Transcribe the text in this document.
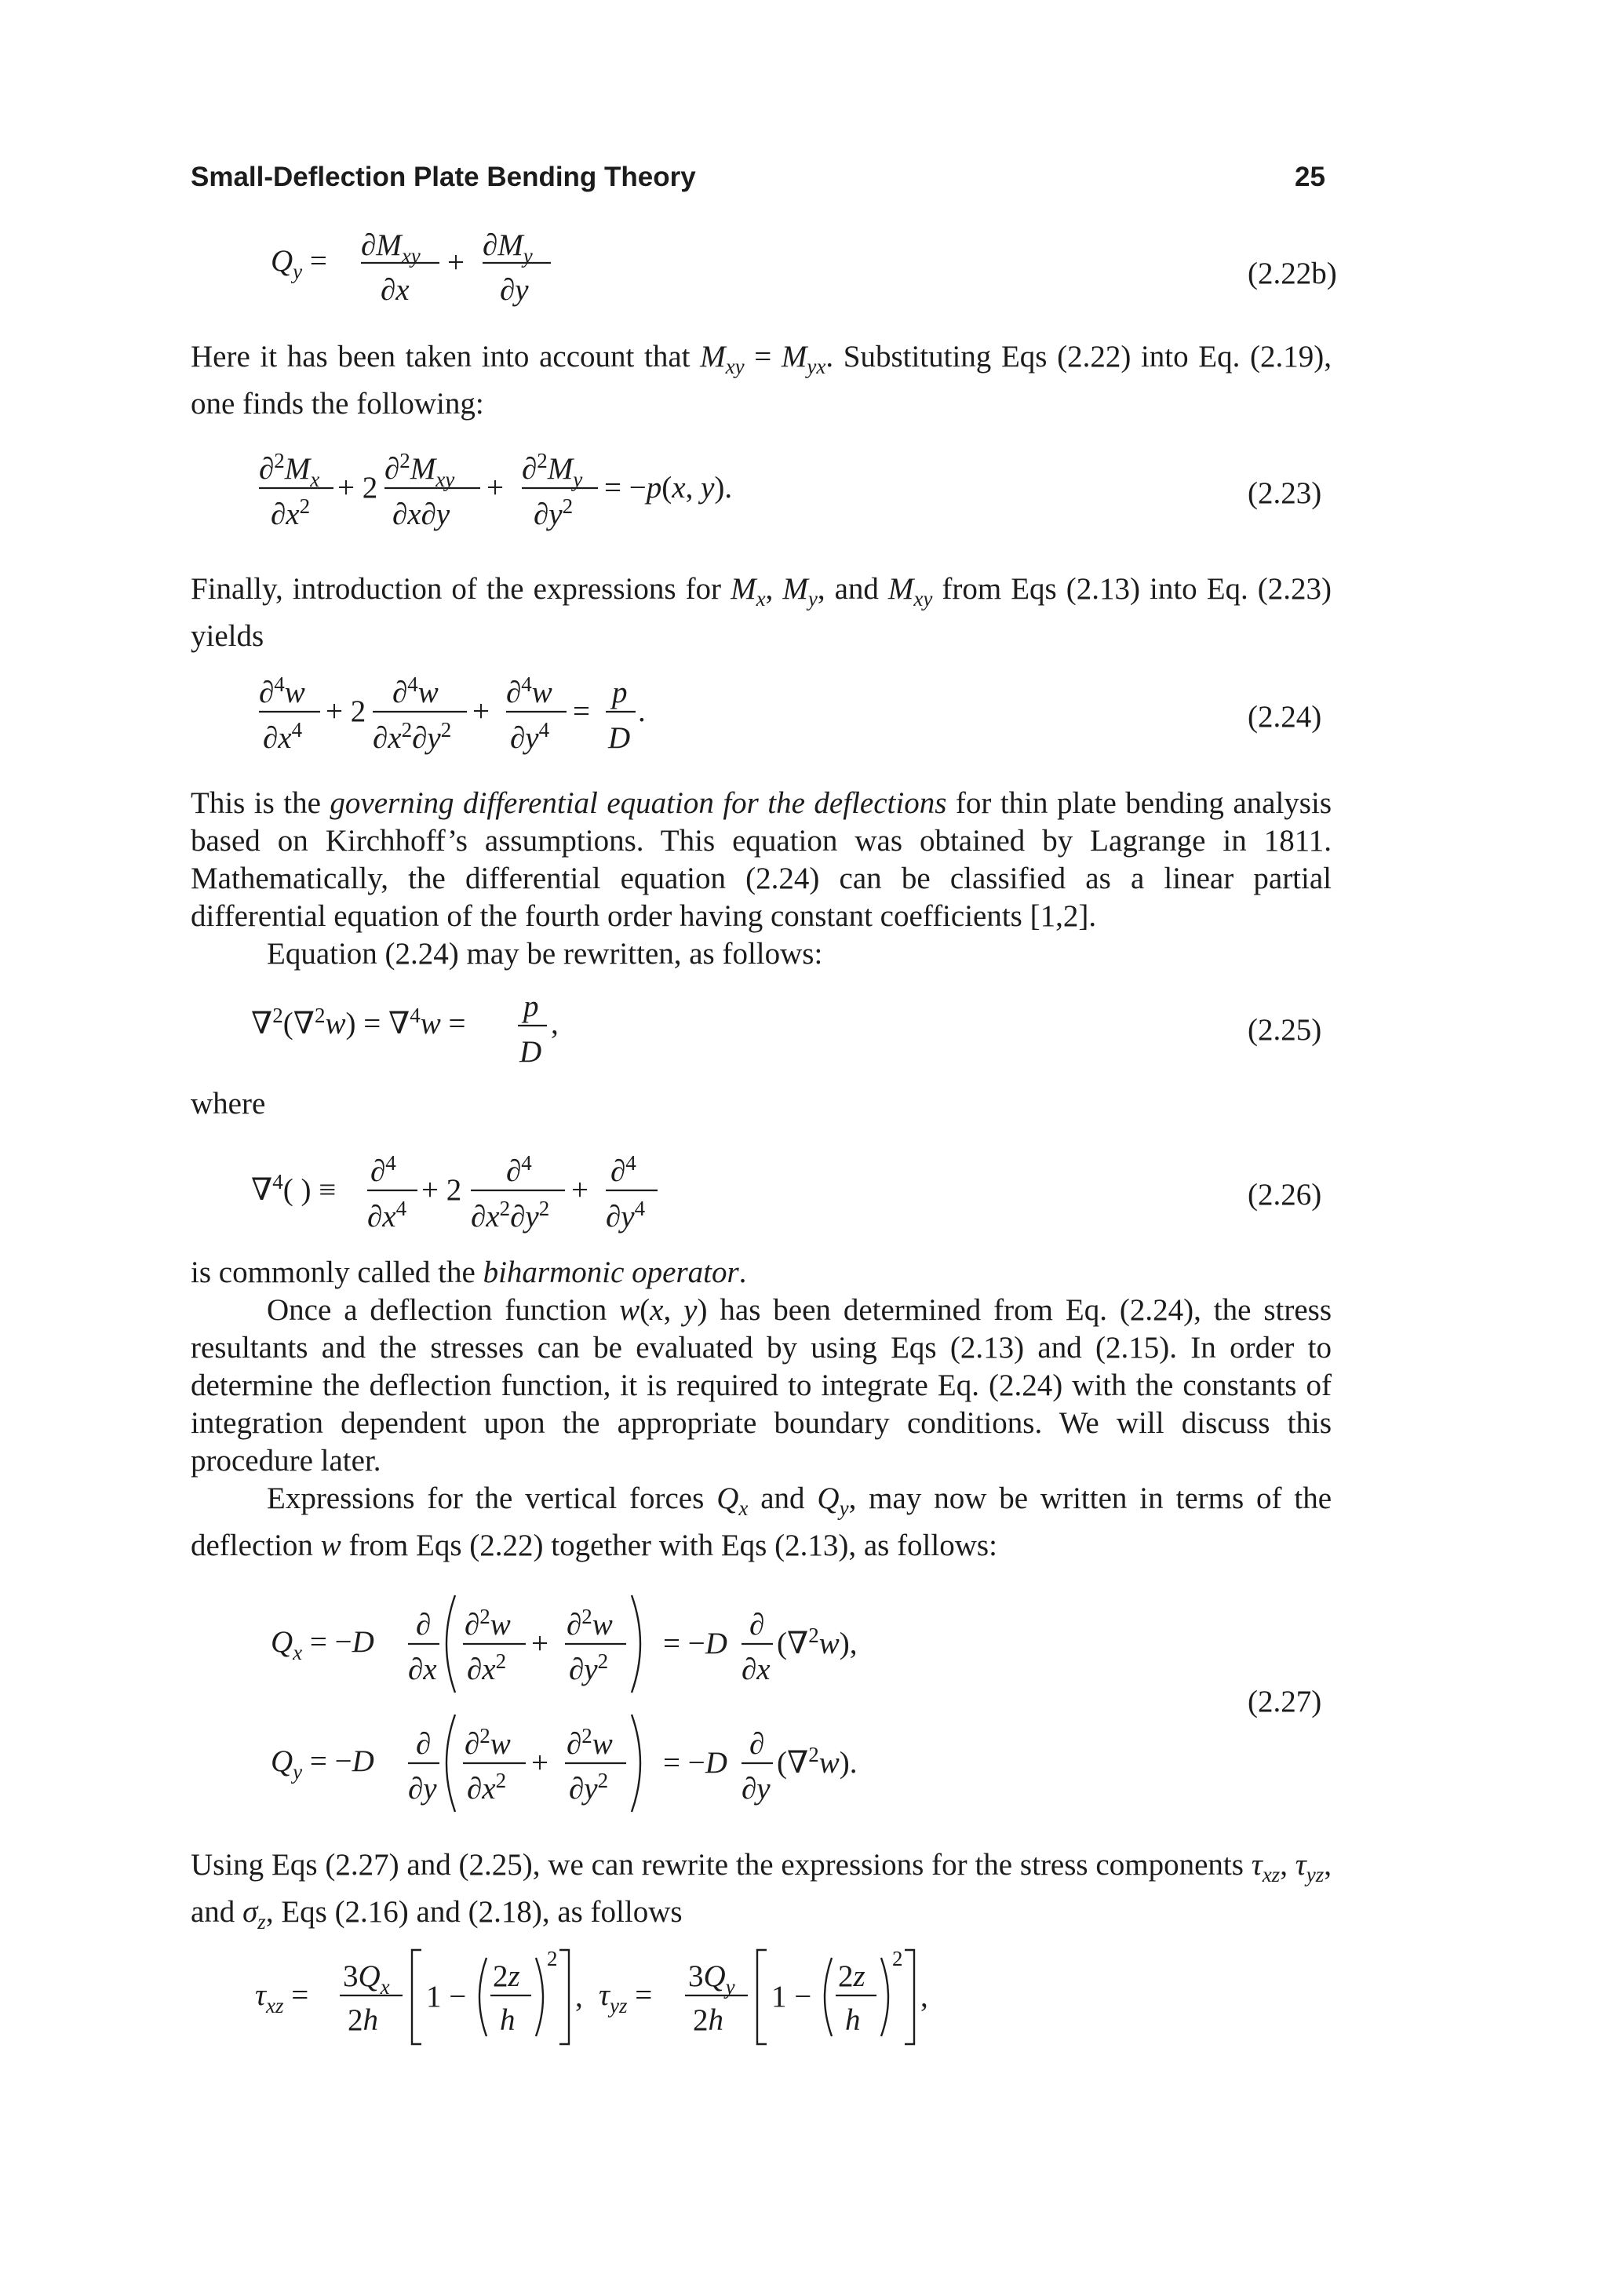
Small-Deflection Plate Bending Theory	25
$Q_y = \partial M_{xy}$
∂x
+
$\partial M_y$
∂y	(2.22b)

Here it has been taken into account that $M_{xy} = M_{yx}$. Substituting Eqs (2.22) into Eq. (2.19), one finds the following:

$\partial^2M_x$
$\partial x^2$
+ 2
$\partial^2M_{xy}$
∂x∂y
+
$\partial^2M_y$
$\partial y^2$
= −p(x, y).	(2.23)

Finally, introduction of the expressions for $M_x$, $M_y$, and $M_{xy}$ from Eqs (2.13) into Eq. (2.23) yields

∂$^4$w
$\partial x^4$
+ 2
∂$^4$w
$\partial x^2\partial y^2$
+
∂$^4$w
$\partial y^4$
=
p
D
.	(2.24)

This is the governing differential equation for the deflections for thin plate bending analysis based on Kirchhoff’s assumptions. This equation was obtained by Lagrange in 1811. Mathematically, the differential equation (2.24) can be classified as a linear partial differential equation of the fourth order having constant coefficients [1,2].

Equation (2.24) may be rewritten, as follows:

∇$^2$(∇$^2$w) = ∇$^4$w =
p
D
,	(2.25)

where

∇$^4$( ) ≡
∂$^4$
$\partial x^4$
+ 2
∂$^4$
$\partial x^2\partial y^2$
+
∂$^4$
$\partial y^4$	(2.26)

is commonly called the biharmonic operator.

Once a deflection function w(x, y) has been determined from Eq. (2.24), the stress resultants and the stresses can be evaluated by using Eqs (2.13) and (2.15). In order to determine the deflection function, it is required to integrate Eq. (2.24) with the constants of integration dependent upon the appropriate boundary conditions. We will discuss this procedure later.

Expressions for the vertical forces $Q_x$ and $Q_y$, may now be written in terms of the deflection w from Eqs (2.22) together with Eqs (2.13), as follows:

$Q_x = -D$
∂
∂x
∂$^2$w
$\partial x^2$
+
∂$^2$w
$\partial y^2$
= −D
∂
∂x
(∇$^2$w),
$Q_y = -D$
∂
∂y
∂$^2$w
$\partial x^2$
+
∂$^2$w
$\partial y^2$
= −D
∂
∂y
(∇$^2$w).
(2.27)

Using Eqs (2.27) and (2.25), we can rewrite the expressions for the stress components $\tau_{xz}$, $\tau_{yz}$, and $\sigma_z$, Eqs (2.16) and (2.18), as follows

$\tau_{xz}$ =
$3Q_x$
2h
1 −
2z
h
2
, $\tau_{yz}$ =
$3Q_y$
2h
1 −
2z
h
2
,
